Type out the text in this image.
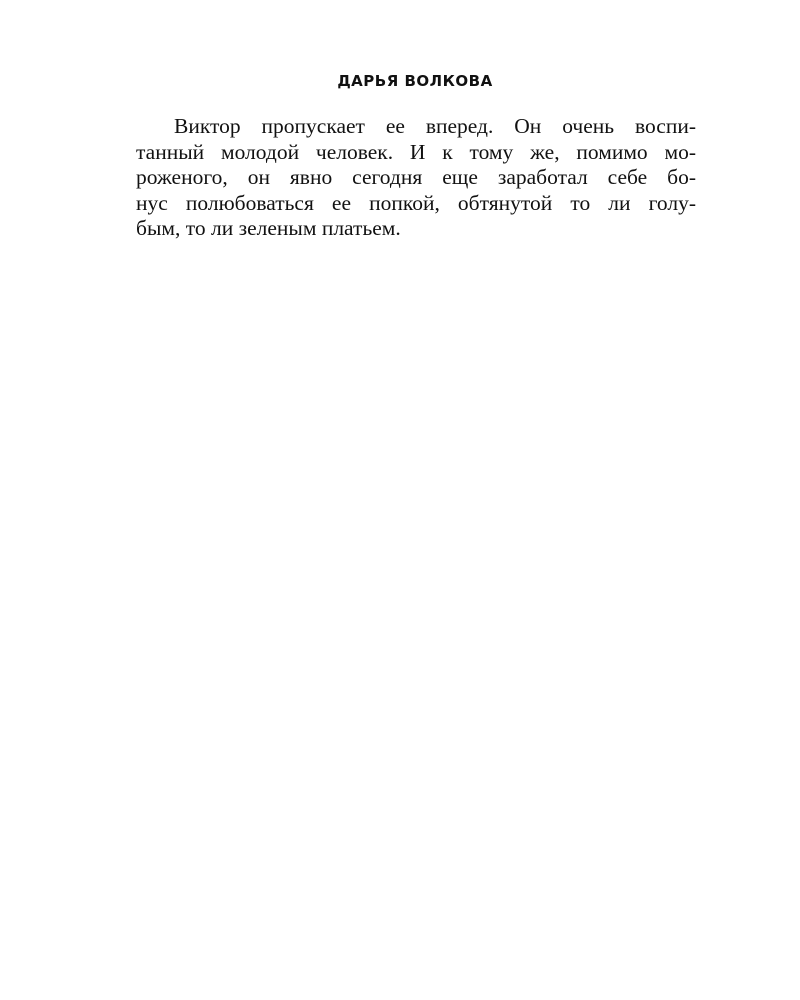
ДАРЬЯ ВОЛКОВА
Виктор пропускает ее вперед. Он очень воспи-
танный молодой человек. И к тому же, помимо мо-
роженого, он явно сегодня еще заработал себе бо-
нус полюбоваться ее попкой, обтянутой то ли голу-
бым, то ли зеленым платьем.
